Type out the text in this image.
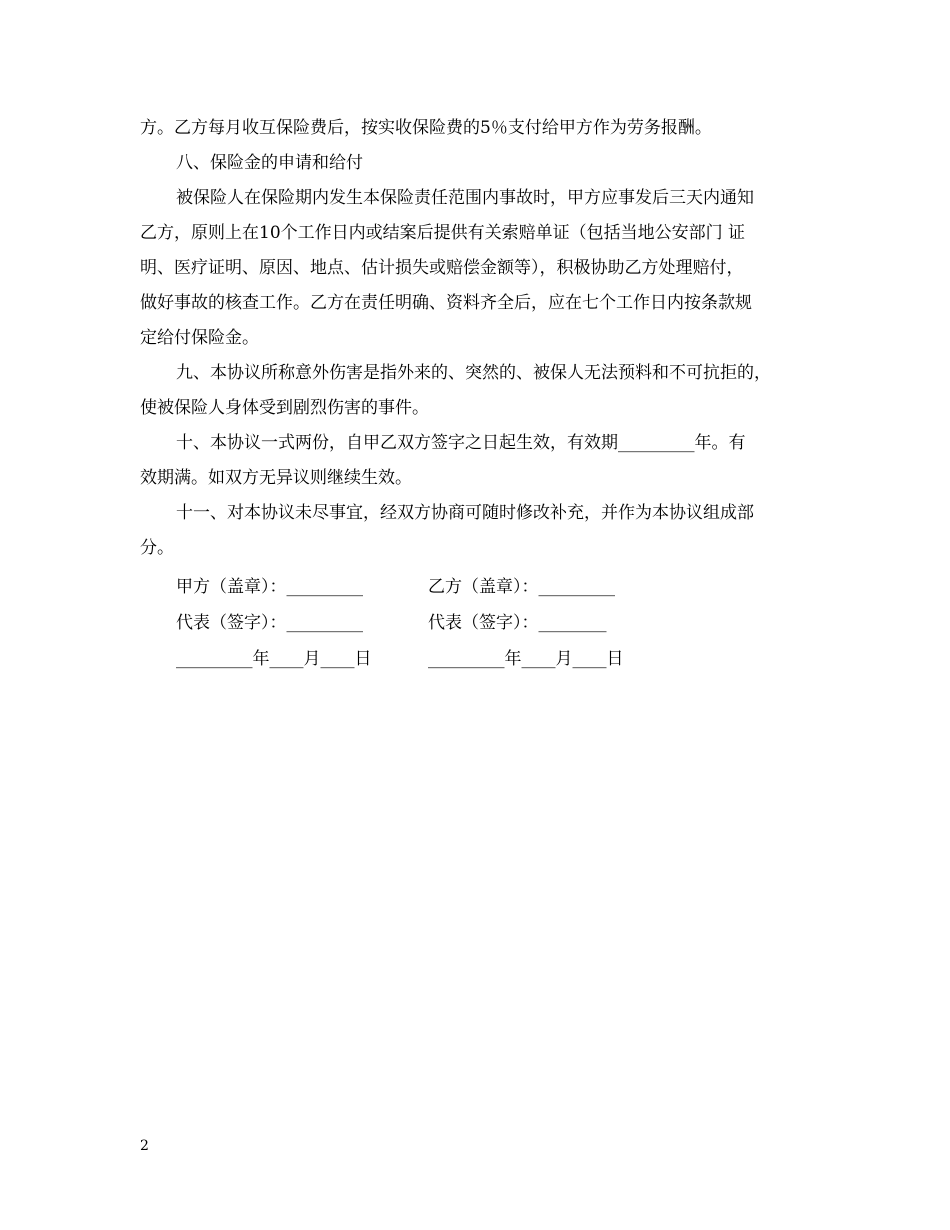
方。乙方每月收互保险费后，按实收保险费的5％支付给甲方作为劳务报酬。
八、保险金的申请和给付
被保险人在保险期内发生本保险责任范围内事故时，甲方应事发后三天内通知
乙方，原则上在10个工作日内或结案后提供有关索赔单证（包括当地公安部门 证
明、医疗证明、原因、地点、估计损失或赔偿金额等），积极协助乙方处理赔付，
做好事故的核查工作。乙方在责任明确、资料齐全后，应在七个工作日内按条款规
定给付保险金。
九、本协议所称意外伤害是指外来的、突然的、被保人无法预料和不可抗拒的，
使被保险人身体受到剧烈伤害的事件。
十、本协议一式两份，自甲乙双方签字之日起生效，有效期_________年。有
效期满。如双方无异议则继续生效。
十一、对本协议未尽事宜，经双方协商可随时修改补充，并作为本协议组成部
分。
甲方（盖章）：_________	乙方（盖章）：_________
代表（签字）：_________	代表（签字）：________
_________年____月____日	_________年____月____日
2
